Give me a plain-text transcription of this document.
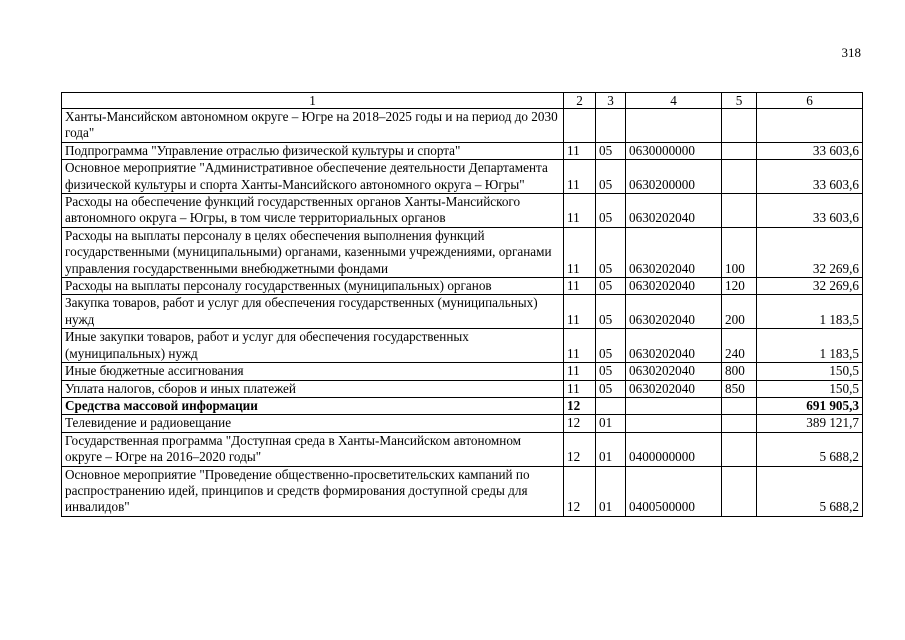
318
1	2	3	4	5	6
Ханты-Мансийском автономном округе – Югре на 2018–2025 годы и на период до 2030 года"					
Подпрограмма "Управление отраслью физической культуры и спорта"	11	05	0630000000		33 603,6
Основное мероприятие "Административное обеспечение деятельности Департамента физической культуры и спорта Ханты-Мансийского автономного округа – Югры"	11	05	0630200000		33 603,6
Расходы на обеспечение функций государственных органов Ханты-Мансийского автономного округа – Югры, в том числе территориальных органов	11	05	0630202040		33 603,6
Расходы на выплаты персоналу в целях обеспечения выполнения функций государственными (муниципальными) органами, казенными учреждениями, органами управления государственными внебюджетными фондами	11	05	0630202040	100	32 269,6
Расходы на выплаты персоналу государственных (муниципальных) органов	11	05	0630202040	120	32 269,6
Закупка товаров, работ и услуг для обеспечения государственных (муниципальных) нужд	11	05	0630202040	200	1 183,5
Иные закупки товаров, работ и услуг для обеспечения государственных (муниципальных) нужд	11	05	0630202040	240	1 183,5
Иные бюджетные ассигнования	11	05	0630202040	800	150,5
Уплата налогов, сборов и иных платежей	11	05	0630202040	850	150,5
Средства массовой информации	12				691 905,3
Телевидение и радиовещание	12	01			389 121,7
Государственная программа "Доступная среда в Ханты-Мансийском автономном округе – Югре на 2016–2020 годы"	12	01	0400000000		5 688,2
Основное мероприятие "Проведение общественно-просветительских кампаний по распространению идей, принципов и средств формирования доступной среды для инвалидов"	12	01	0400500000		5 688,2
